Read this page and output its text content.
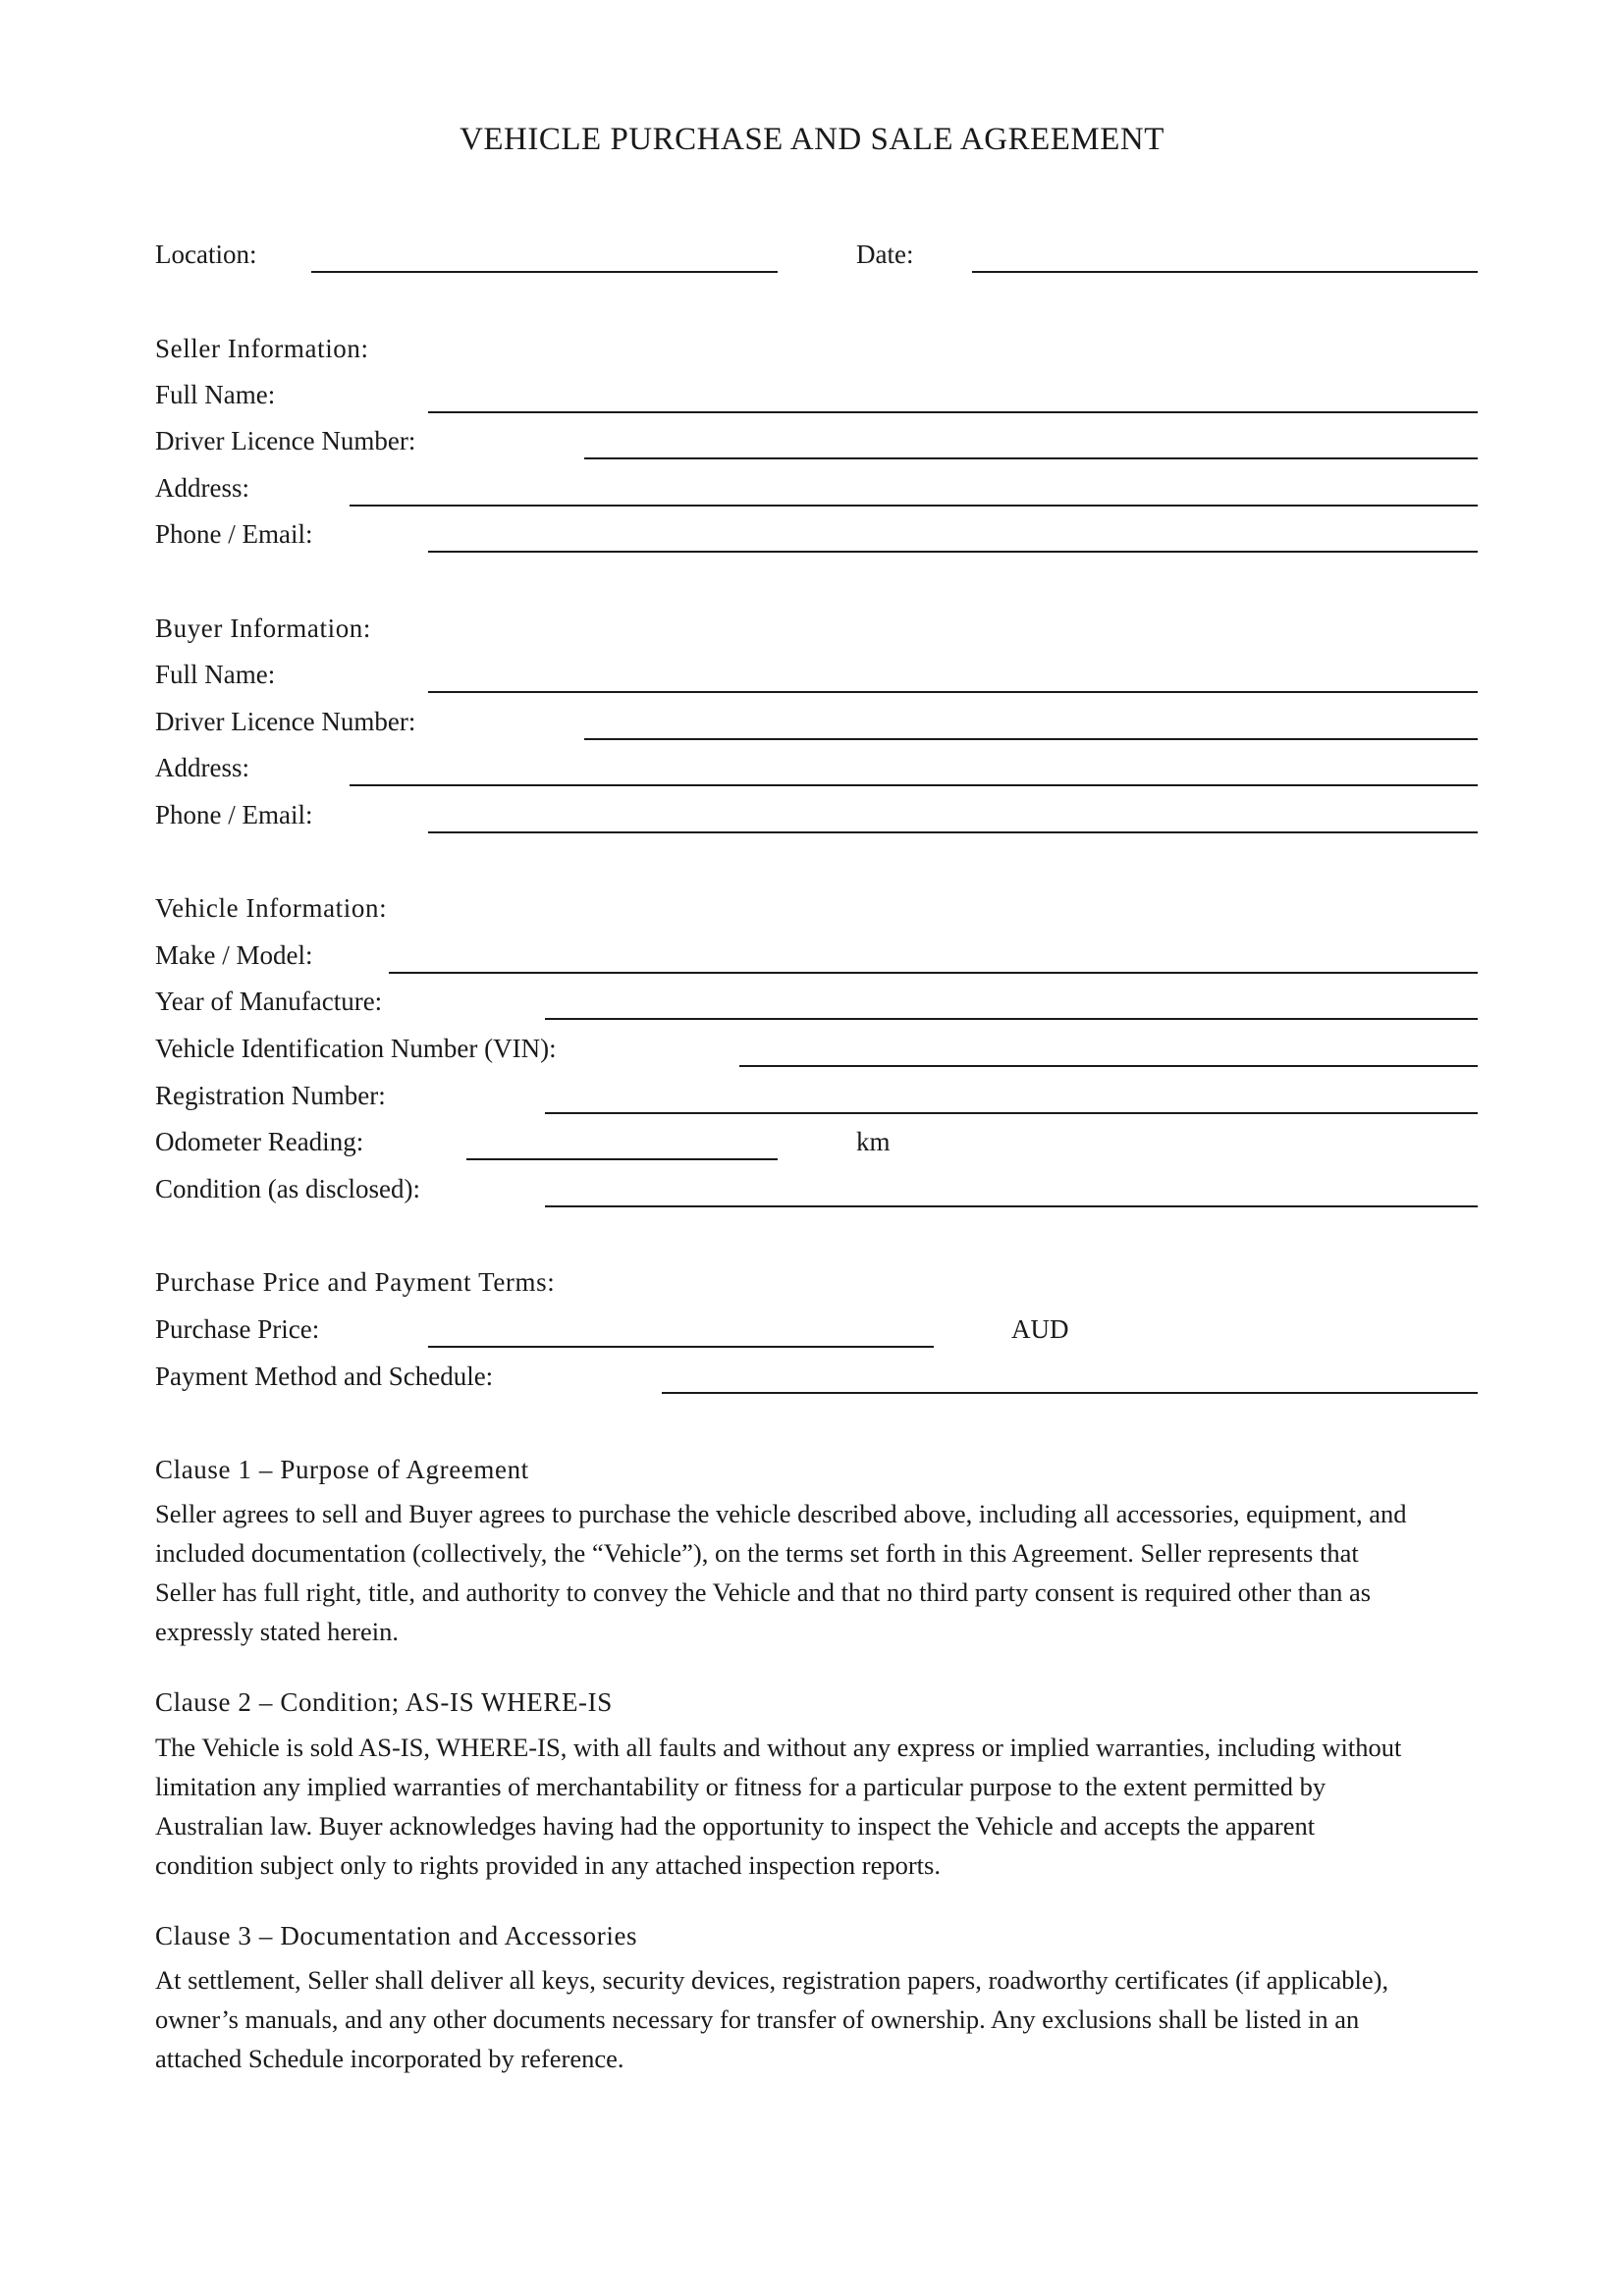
VEHICLE PURCHASE AND SALE AGREEMENT
Location:	Date:
Seller Information:
Full Name:
Driver Licence Number:
Address:
Phone / Email:
Buyer Information:
Full Name:
Driver Licence Number:
Address:
Phone / Email:
Vehicle Information:
Make / Model:
Year of Manufacture:
Vehicle Identification Number (VIN):
Registration Number:
Odometer Reading:	km
Condition (as disclosed):
Purchase Price and Payment Terms:
Purchase Price:	AUD
Payment Method and Schedule:
Clause 1 – Purpose of Agreement
Seller agrees to sell and Buyer agrees to purchase the vehicle described above, including all accessories, equipment, and
included documentation (collectively, the “Vehicle”), on the terms set forth in this Agreement. Seller represents that
Seller has full right, title, and authority to convey the Vehicle and that no third party consent is required other than as
expressly stated herein.
Clause 2 – Condition; AS-IS WHERE-IS
The Vehicle is sold AS-IS, WHERE-IS, with all faults and without any express or implied warranties, including without
limitation any implied warranties of merchantability or fitness for a particular purpose to the extent permitted by
Australian law. Buyer acknowledges having had the opportunity to inspect the Vehicle and accepts the apparent
condition subject only to rights provided in any attached inspection reports.
Clause 3 – Documentation and Accessories
At settlement, Seller shall deliver all keys, security devices, registration papers, roadworthy certificates (if applicable),
owner’s manuals, and any other documents necessary for transfer of ownership. Any exclusions shall be listed in an
attached Schedule incorporated by reference.
